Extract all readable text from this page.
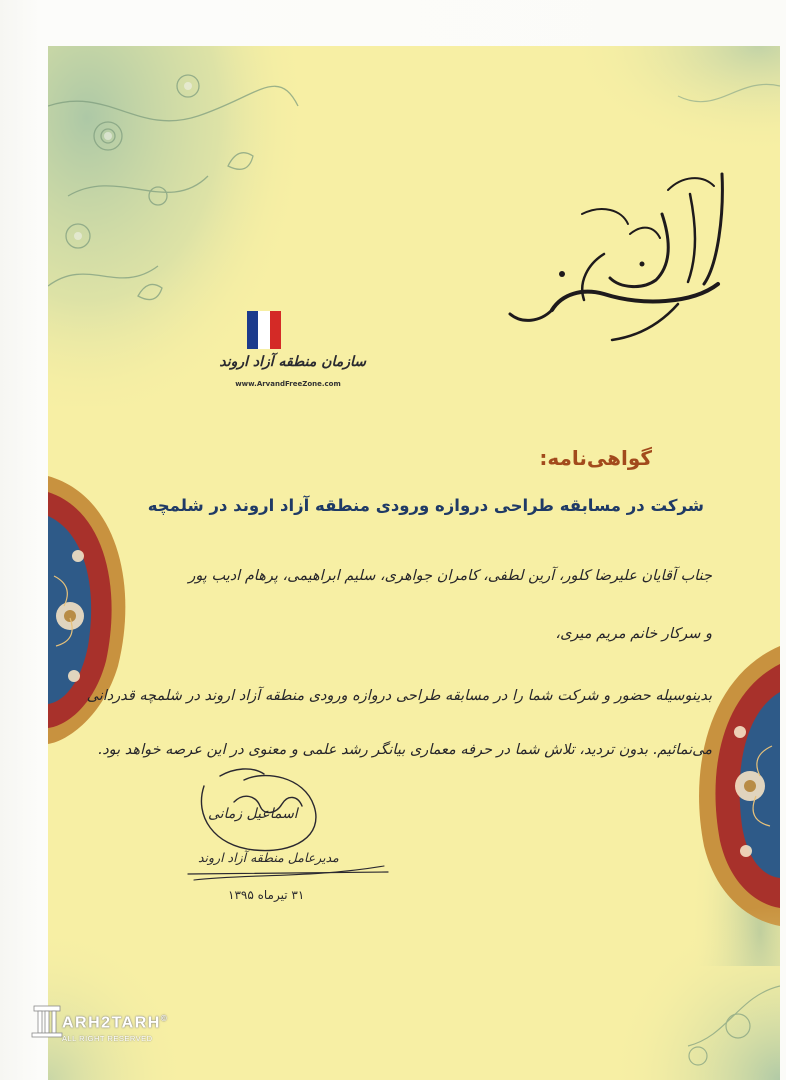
سازمان منطقه آزاد اروند
www.ArvandFreeZone.com
گواهی‌نامه:
شرکت در مسابقه طراحی دروازه ورودی منطقه آزاد اروند در شلمچه
جناب آقایان علیرضا کلور، آرین لطفی، کامران جواهری، سلیم ابراهیمی، پرهام ادیب پور
و سرکار خانم مریم میری،
بدینوسیله حضور و شرکت شما را در مسابقه طراحی دروازه ورودی منطقه آزاد اروند در شلمچه قدردانی
می‌نمائیم. بدون تردید، تلاش شما در حرفه معماری بیانگر رشد علمی و معنوی در این عرصه خواهد بود.
اسماعیل زمانی
مدیرعامل منطقه آزاد اروند
۳۱ تیرماه ۱۳۹۵
ARH2TARH©
ALL RIGHT RESERVED
